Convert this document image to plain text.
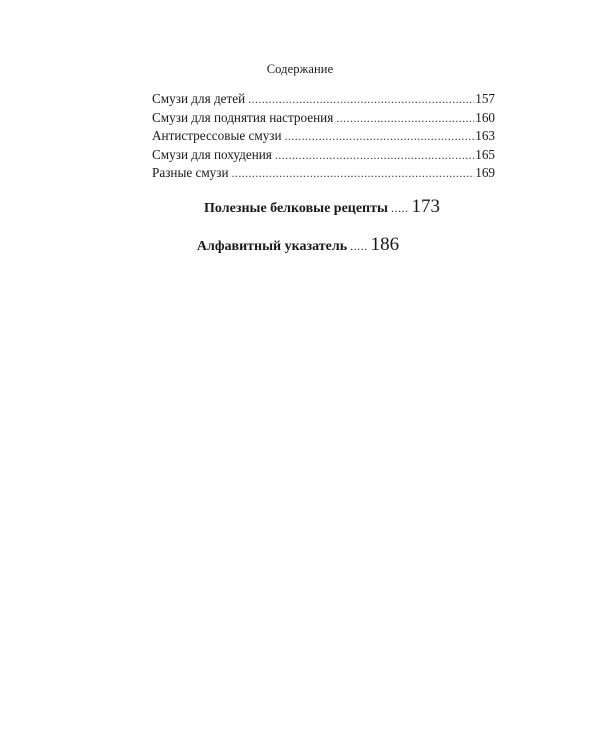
Содержание
Смузи для детей . . .	157
Смузи для поднятия настроения . . .	160
Антистрессовые смузи . . .	163
Смузи для похудения . . .	165
Разные смузи . . .	169
Полезные белковые рецепты ..... 173
Алфавитный указатель ..... 186
